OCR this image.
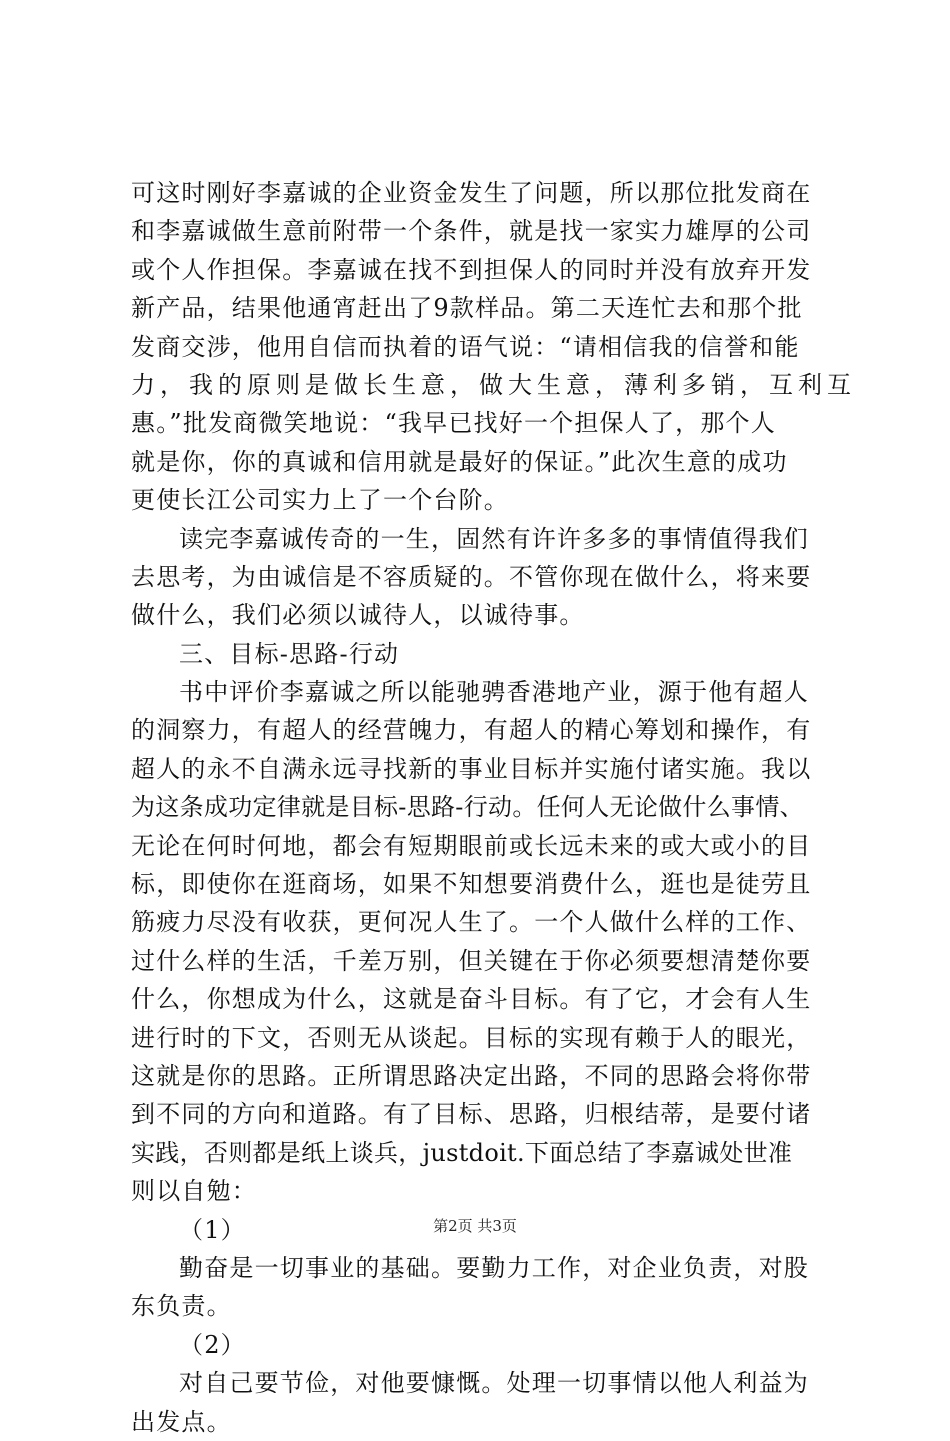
可这时刚好李嘉诚的企业资金发生了问题，所以那位批发商在
和李嘉诚做生意前附带一个条件，就是找一家实力雄厚的公司
或个人作担保。李嘉诚在找不到担保人的同时并没有放弃开发
新产品，结果他通宵赶出了9款样品。第二天连忙去和那个批
发商交涉，他用自信而执着的语气说：“请相信我的信誉和能
力，我的原则是做长生意，做大生意，薄利多销，互利互
惠。”批发商微笑地说：“我早已找好一个担保人了，那个人
就是你，你的真诚和信用就是最好的保证。”此次生意的成功
更使长江公司实力上了一个台阶。
读完李嘉诚传奇的一生，固然有许许多多的事情值得我们
去思考，为由诚信是不容质疑的。不管你现在做什么，将来要
做什么，我们必须以诚待人，以诚待事。
三、目标-思路-行动
书中评价李嘉诚之所以能驰骋香港地产业，源于他有超人
的洞察力，有超人的经营魄力，有超人的精心筹划和操作，有
超人的永不自满永远寻找新的事业目标并实施付诸实施。我以
为这条成功定律就是目标-思路-行动。任何人无论做什么事情、
无论在何时何地，都会有短期眼前或长远未来的或大或小的目
标，即使你在逛商场，如果不知想要消费什么，逛也是徒劳且
筋疲力尽没有收获，更何况人生了。一个人做什么样的工作、
过什么样的生活，千差万别，但关键在于你必须要想清楚你要
什么，你想成为什么，这就是奋斗目标。有了它，才会有人生
进行时的下文，否则无从谈起。目标的实现有赖于人的眼光，
这就是你的思路。正所谓思路决定出路，不同的思路会将你带
到不同的方向和道路。有了目标、思路，归根结蒂，是要付诸
实践，否则都是纸上谈兵，justdoit.下面总结了李嘉诚处世准
则以自勉：
（1）
勤奋是一切事业的基础。要勤力工作，对企业负责，对股
东负责。
（2）
对自己要节俭，对他要慷慨。处理一切事情以他人利益为
出发点。
第2页 共3页
